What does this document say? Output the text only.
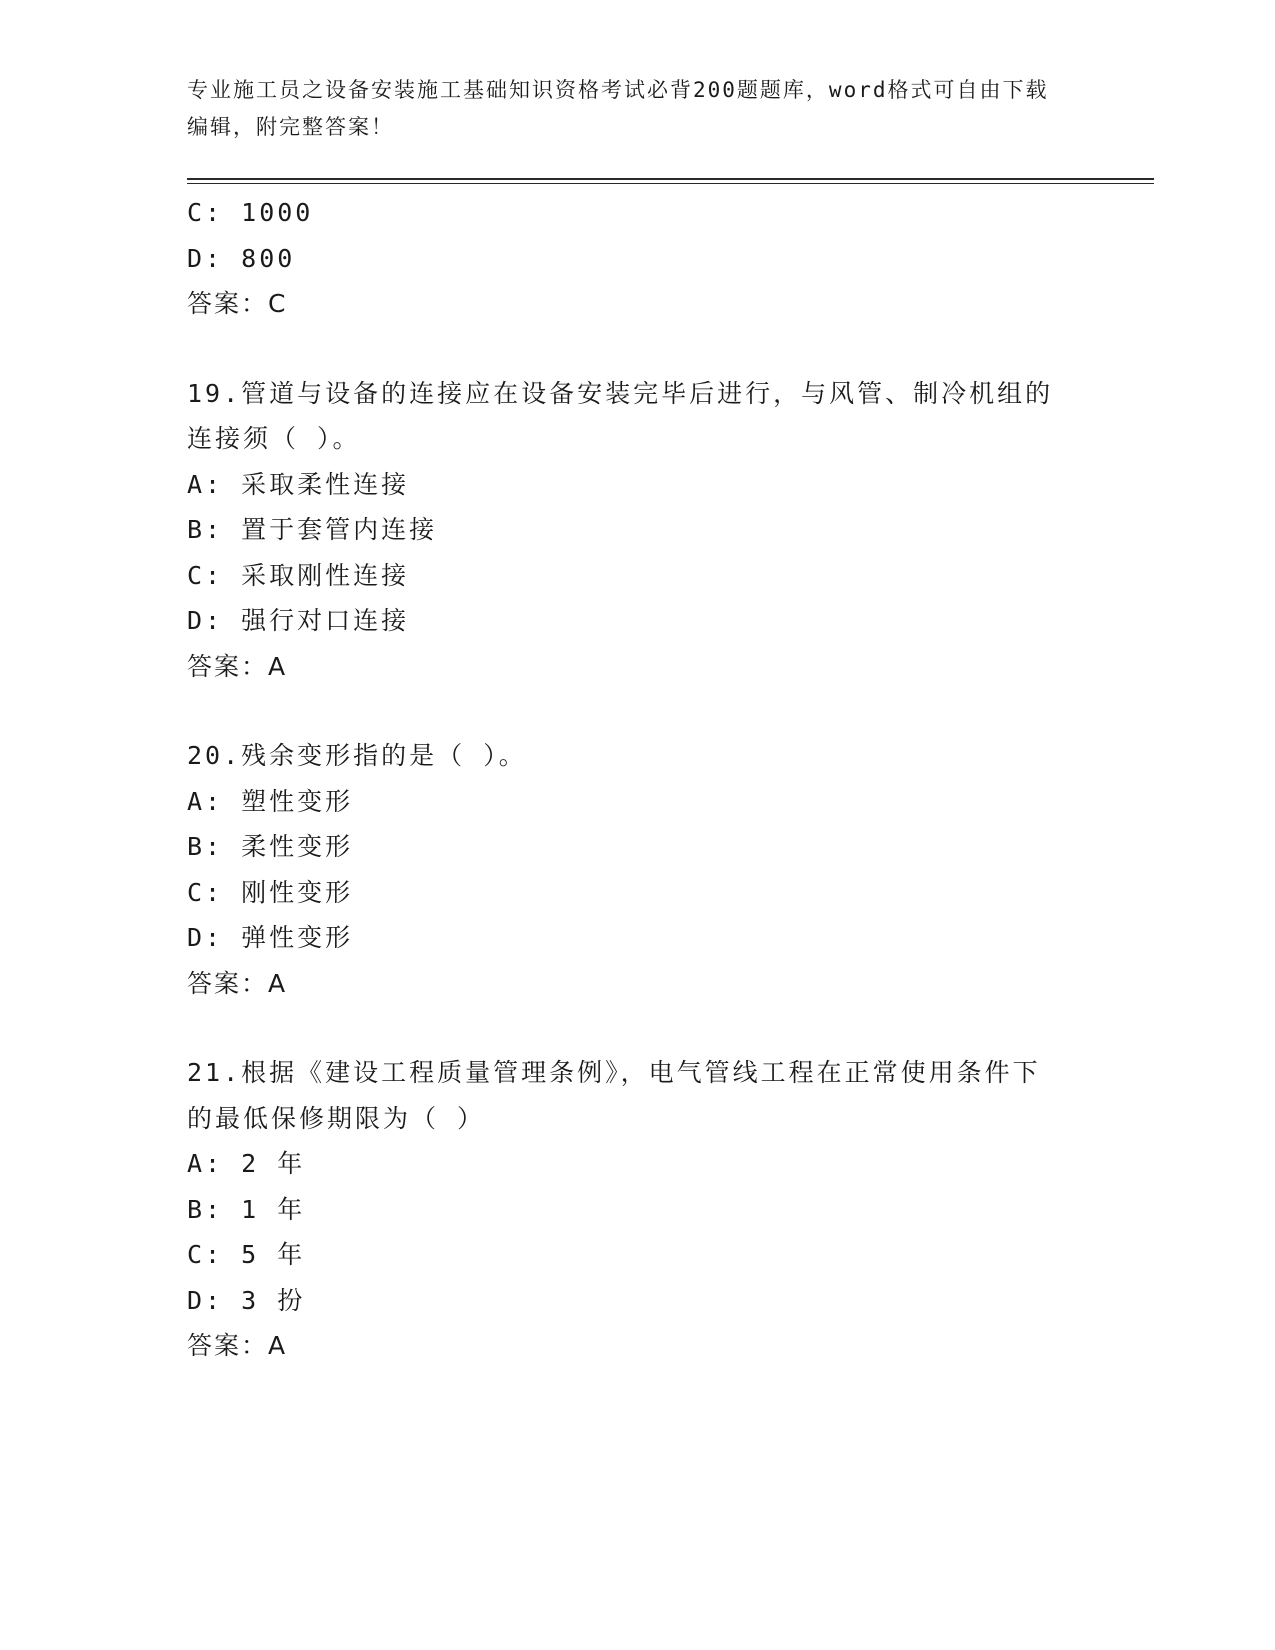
专业施工员之设备安装施工基础知识资格考试必背200题题库，word格式可自由下载编辑，附完整答案！
C: 1000
D: 800
答案：C
19.管道与设备的连接应在设备安装完毕后进行，与风管、制冷机组的
连接须（ ）。
A: 采取柔性连接
B: 置于套管内连接
C: 采取刚性连接
D: 强行对口连接
答案：A
20.残余变形指的是（ ）。
A: 塑性变形
B: 柔性变形
C: 刚性变形
D: 弹性变形
答案：A
21.根据《建设工程质量管理条例》，电气管线工程在正常使用条件下
的最低保修期限为（ ）
A: 2 年
B: 1 年
C: 5 年
D: 3 扮
答案：A
